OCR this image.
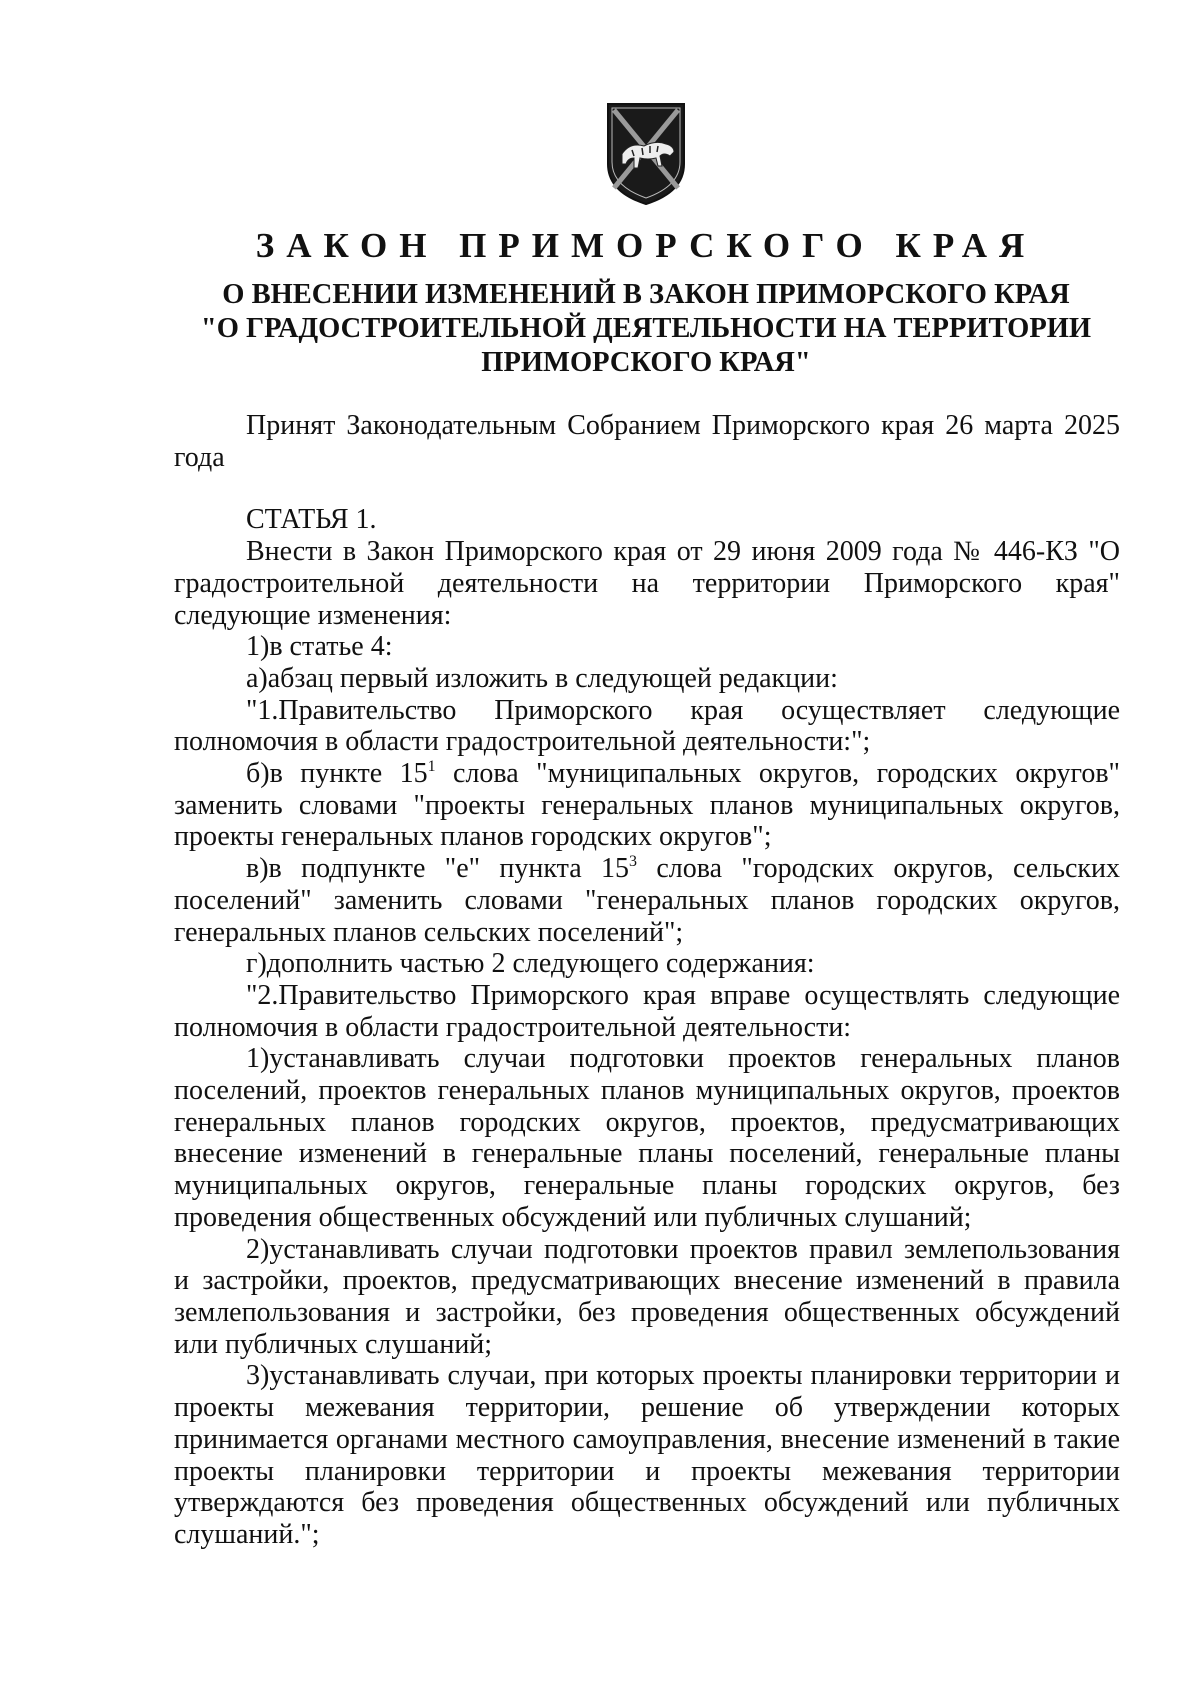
ЗАКОН ПРИМОРСКОГО КРАЯ
О ВНЕСЕНИИ ИЗМЕНЕНИЙ В ЗАКОН ПРИМОРСКОГО КРАЯ
"О ГРАДОСТРОИТЕЛЬНОЙ ДЕЯТЕЛЬНОСТИ НА ТЕРРИТОРИИ
ПРИМОРСКОГО КРАЯ"

Принят Законодательным Собранием Приморского края 26 марта 2025 года

СТАТЬЯ 1.

Внести в Закон Приморского края от 29 июня 2009 года № 446-КЗ "О градостроительной деятельности на территории Приморского края" следующие изменения:

1)в статье 4:

а)абзац первый изложить в следующей редакции:

"1.Правительство Приморского края осуществляет следующие полномочия в области градостроительной деятельности:";

б)в пункте $15^1$ слова "муниципальных округов, городских округов" заменить словами "проекты генеральных планов муниципальных округов, проекты генеральных планов городских округов";

в)в подпункте "е" пункта $15^3$ слова "городских округов, сельских поселений" заменить словами "генеральных планов городских округов, генеральных планов сельских поселений";

г)дополнить частью 2 следующего содержания:

"2.Правительство Приморского края вправе осуществлять следующие полномочия в области градостроительной деятельности:

1)устанавливать случаи подготовки проектов генеральных планов поселений, проектов генеральных планов муниципальных округов, проектов генеральных планов городских округов, проектов, предусматривающих внесение изменений в генеральные планы поселений, генеральные планы муниципальных округов, генеральные планы городских округов, без проведения общественных обсуждений или публичных слушаний;

2)устанавливать случаи подготовки проектов правил землепользования и застройки, проектов, предусматривающих внесение изменений в правила землепользования и застройки, без проведения общественных обсуждений или публичных слушаний;

3)устанавливать случаи, при которых проекты планировки территории и проекты межевания территории, решение об утверждении которых принимается органами местного самоуправления, внесение изменений в такие проекты планировки территории и проекты межевания территории утверждаются без проведения общественных обсуждений или публичных слушаний.";
